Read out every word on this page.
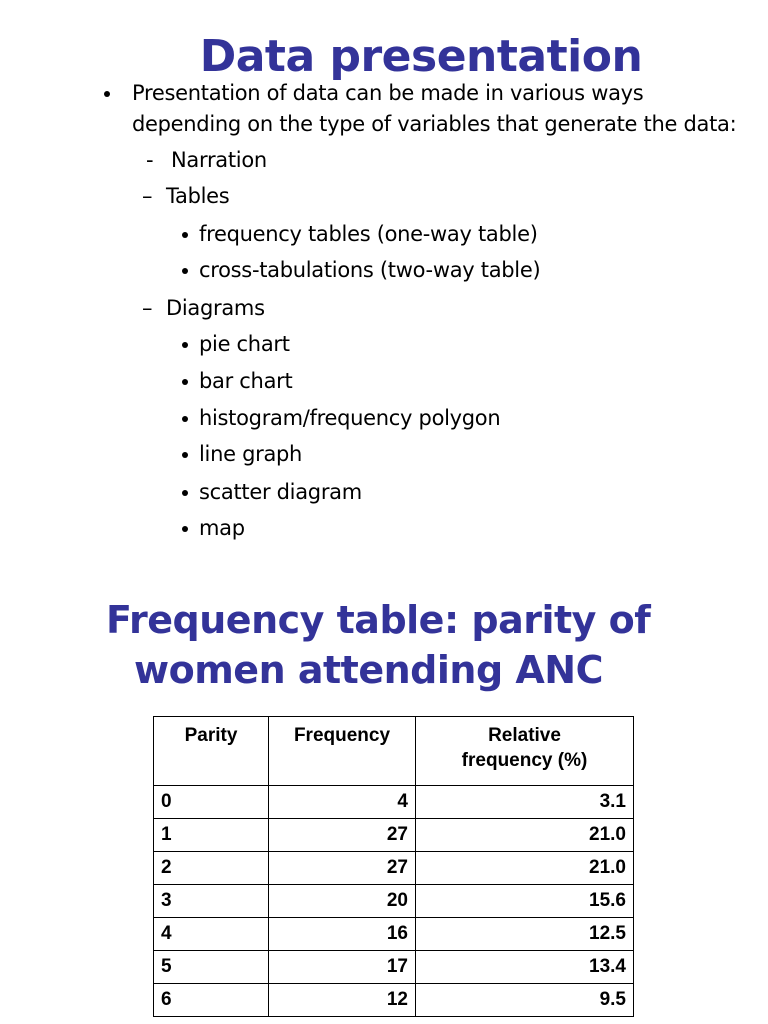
Data presentation
Presentation of data can be made in various ways
depending on the type of variables that generate the data:
- Narration
– Tables
frequency tables (one-way table)
cross-tabulations (two-way table)
– Diagrams
pie chart
bar chart
histogram/frequency polygon
line graph
scatter diagram
map
Frequency table: parity of
women attending ANC
Parity	Frequency	Relative
frequency (%)
0	4	3.1
1	27	21.0
2	27	21.0
3	20	15.6
4	16	12.5
5	17	13.4
6	12	9.5
